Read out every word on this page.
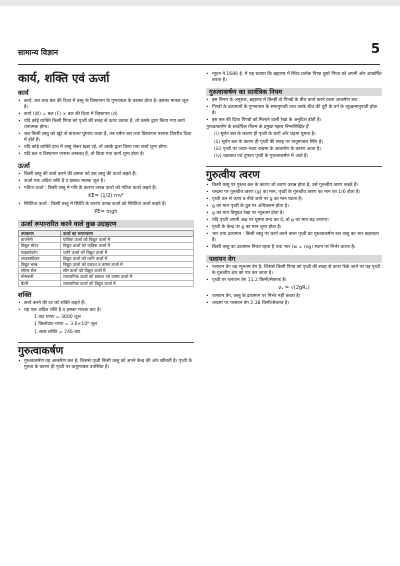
सामान्य विज्ञान	5
कार्य, शक्ति एवं ऊर्जा
कार्य
• कार्य, बल तथा बल की दिशा में वस्तु के विस्थापन के गुणनफल के बराबर होता है। इसका मात्रक जूल है।
• कार्य (W) = बल (F) × बल की दिशा में विस्थापन (d)
• यदि कोई व्यक्ति किसी पिण्ड को पृथ्वी की सतह से ऊपर उठाता है, तो उसके द्वारा किया गया कार्य धनात्मक होगा।
• जब किसी वस्तु को खूंटे से बांधकर घुमाया जाता है, तब घर्षण बल तथा विस्थापन परस्पर विपरीत दिशा में होते हैं।
• यदि कोई व्यक्ति हाथ में वस्तु लेकर खड़ा रहे, तो उसके द्वारा किया गया कार्य शून्य होगा।
• यदि बल व विस्थापन परस्पर लम्बवत् हैं, तो किया गया कार्य शून्य होता है।
ऊर्जा
• किसी वस्तु की कार्य करने की क्षमता को उस वस्तु की ऊर्जा कहते हैं।
• ऊर्जा एक अदिश राशि है व इसका मात्रक जूल है।
• गतिज ऊर्जा : किसी वस्तु में गति के कारण उत्पन्न ऊर्जा को गतिज ऊर्जा कहते हैं।
KE= (1/2) mv²
• स्थितिज ऊर्जा : किसी वस्तु में स्थिति के कारण उत्पन्न ऊर्जा को स्थितिज ऊर्जा कहते हैं।
PE= mgh
ऊर्जा रूपान्तरित करने वाले कुछ उदाहरण
उपकरण	ऊर्जा का रूपान्तरण
डायनेमो	यांत्रिक ऊर्जा को विद्युत ऊर्जा में
विद्युत मोटर	विद्युत ऊर्जा को यांत्रिक ऊर्जा में
माइक्रोफोन	ध्वनि ऊर्जा को विद्युत ऊर्जा में
लाउडस्पीकर	विद्युत ऊर्जा को ध्वनि ऊर्जा में
विद्युत बल्ब	विद्युत ऊर्जा को प्रकाश व ऊष्मा ऊर्जा में
सोलर सेल	सौर ऊर्जा को विद्युत ऊर्जा में
मोमबत्ती	रासायनिक ऊर्जा को प्रकाश एवं ऊष्मा ऊर्जा में
बैटरी	रासायनिक ऊर्जा को विद्युत ऊर्जा में
शक्ति
• कार्य करने की दर को शक्ति कहते हैं।
• यह एक अदिश राशि है व इसका मात्रक वाट है।

1 वाट घण्टा = 3600 जूल

1 किलोवाट-घण्टा = 3.6×10⁶ जूल

1 अश्व शक्ति = 746 वाट

गुरुत्वाकर्षण
• गुरुत्वाकर्षण वह आकर्षण बल है, जिससे पृथ्वी किसी वस्तु को अपने केन्द्र की ओर खींचती है। पृथ्वी के गुरुत्व के कारण ही पृथ्वी पर वायुमण्डल उपस्थित है।
• न्यूटन ने 1686 ई. में यह बताया कि ब्रह्माण्ड में स्थित प्रत्येक पिण्ड दूसरे पिण्ड को अपनी ओर आकर्षित करता है।
गुरुत्वाकर्षण का सार्वत्रिक नियम
• इस नियम के अनुसार, ब्रह्माण्ड में किन्हीं दो पिण्डों के बीच कार्य करने वाला आकर्षण बल
• पिण्डों के द्रव्यमानों के गुणनफल के समानुपाती तथा उनके बीच की दूरी के वर्ग के व्युत्क्रमानुपाती होता है।
• इस बल की दिशा पिण्डों को मिलाने वाली रेखा के अनुदिश होती है।

गुरुत्वाकर्षण के सार्वत्रिक नियम के प्रमुख महत्व निम्नलिखित हैं

(i) सूर्यन बल के कारण ही पृथ्वी के चारों ओर चंद्रमा घूमता है।
(ii) सूर्यन बल के कारण ही पृथ्वी की सतह पर वायुमण्डल स्थिर है।
(iii) पृथ्वी पर ज्वार-भाटा चन्द्रमा के आकर्षण के कारण आता है।
(iv) चक्रवात एवं तूफान पृथ्वी के गुरुत्वाकर्षण में आते हैं।
गुरुत्वीय त्वरण
• किसी वस्तु पर गुरुत्व बल के कारण जो त्वरण उत्पन्न होता है, उसे गुरुत्वीय त्वरण कहते हैं।
• चन्द्रमा पर गुरुत्वीय त्वरण (g) का मान, पृथ्वी के गुरुत्वीय त्वरण का मान का 1/6 होता है।
• पृथ्वी तल से ऊपर व नीचे जाने पर g का मान घटता है।
• g का मान पृथ्वी के ध्रुव पर अधिकतम होता है।
• g का मान विषुवत रेखा पर न्यूनतम होता है।
• यदि पृथ्वी अपनी अक्ष पर घूमना बन्द कर दे, तो g का मान बढ़ जाएगा।
• पृथ्वी के केन्द्र पर g का मान शून्य होता है।
• भार तथा द्रव्यमान : किसी वस्तु पर कार्य करने वाला पृथ्वी का गुरुत्वाकर्षण बल वस्तु का भार कहलाता है।
• किसी वस्तु का द्रव्यमान नियत रहता है तथा भार (w = mg) स्थान पर निर्भर करता है।
पलायन वेग
• पलायन वेग वह न्यूनतम वेग है, जिससे किसी पिण्ड को पृथ्वी की सतह से ऊपर फेंके जाने पर वह पृथ्वी के गुरुत्वीय क्षेत्र को पार कर जाता है।
• पृथ्वी पर पलायन वेग 11.2 किमी/सेकण्ड है।
vₑ = √(2gRₑ)
• पलायन वेग, वस्तु के द्रव्यमान पर निर्भर नहीं करता है।
• चन्द्रमा पर पलायन वेग 2.38 किमी/सेकण्ड है।
